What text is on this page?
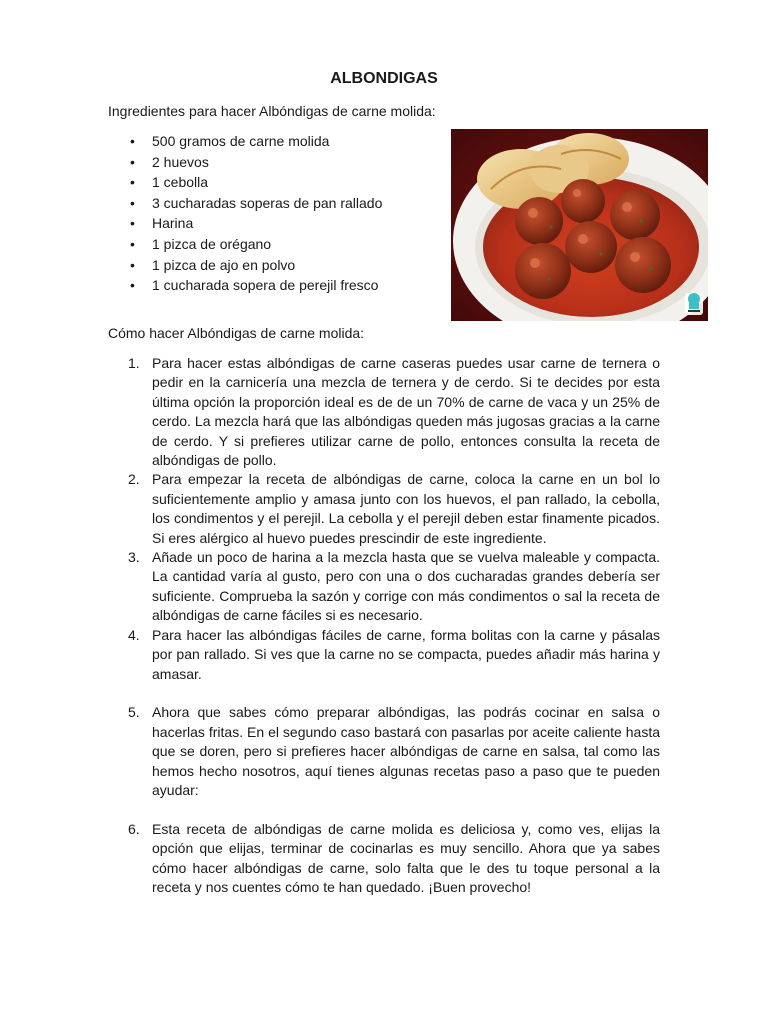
ALBONDIGAS

Ingredientes para hacer Albóndigas de carne molida:

• 500 gramos de carne molida
• 2 huevos
• 1 cebolla
• 3 cucharadas soperas de pan rallado
• Harina
• 1 pizca de orégano
• 1 pizca de ajo en polvo
• 1 cucharada sopera de perejil fresco

Cómo hacer Albóndigas de carne molida:

1. Para hacer estas albóndigas de carne caseras puedes usar carne de ternera o pedir en la carnicería una mezcla de ternera y de cerdo. Si te decides por esta última opción la proporción ideal es de de un 70% de carne de vaca y un 25% de cerdo. La mezcla hará que las albóndigas queden más jugosas gracias a la carne de cerdo. Y si prefieres utilizar carne de pollo, entonces consulta la receta de albóndigas de pollo.
2. Para empezar la receta de albóndigas de carne, coloca la carne en un bol lo suficientemente amplio y amasa junto con los huevos, el pan rallado, la cebolla, los condimentos y el perejil. La cebolla y el perejil deben estar finamente picados. Si eres alérgico al huevo puedes prescindir de este ingrediente.
3. Añade un poco de harina a la mezcla hasta que se vuelva maleable y compacta. La cantidad varía al gusto, pero con una o dos cucharadas grandes debería ser suficiente. Comprueba la sazón y corrige con más condimentos o sal la receta de albóndigas de carne fáciles si es necesario.
4. Para hacer las albóndigas fáciles de carne, forma bolitas con la carne y pásalas por pan rallado. Si ves que la carne no se compacta, puedes añadir más harina y amasar.
5. Ahora que sabes cómo preparar albóndigas, las podrás cocinar en salsa o hacerlas fritas. En el segundo caso bastará con pasarlas por aceite caliente hasta que se doren, pero si prefieres hacer albóndigas de carne en salsa, tal como las hemos hecho nosotros, aquí tienes algunas recetas paso a paso que te pueden ayudar:
6. Esta receta de albóndigas de carne molida es deliciosa y, como ves, elijas la opción que elijas, terminar de cocinarlas es muy sencillo. Ahora que ya sabes cómo hacer albóndigas de carne, solo falta que le des tu toque personal a la receta y nos cuentes cómo te han quedado. ¡Buen provecho!
